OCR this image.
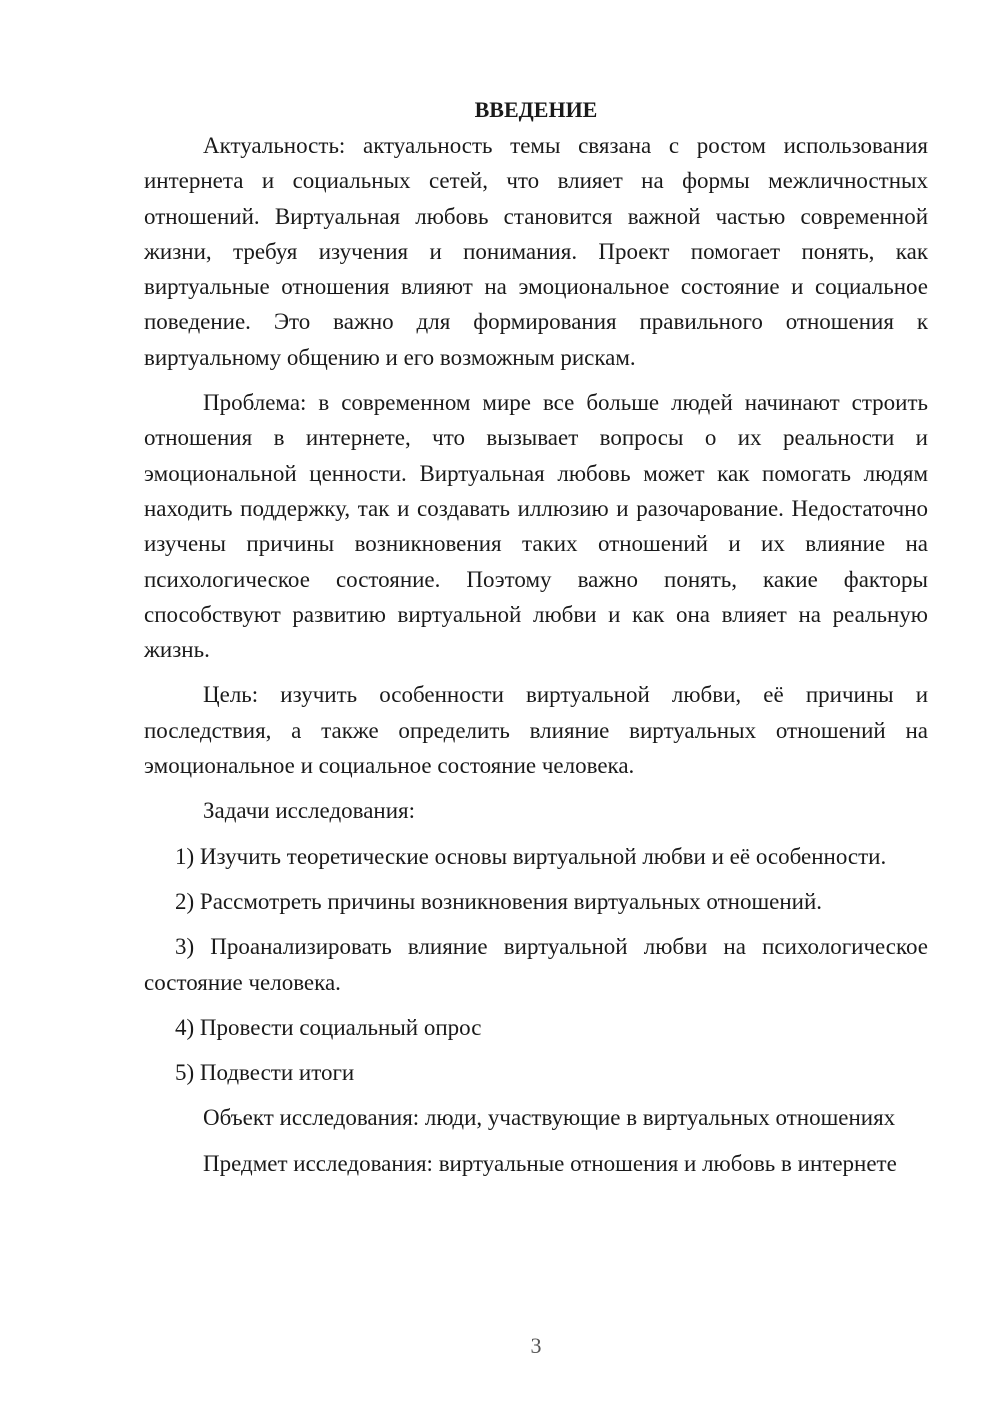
ВВЕДЕНИЕ

Актуальность: актуальность темы связана с ростом использования интернета и социальных сетей, что влияет на формы межличностных отношений. Виртуальная любовь становится важной частью современной жизни, требуя изучения и понимания. Проект помогает понять, как виртуальные отношения влияют на эмоциональное состояние и социальное поведение. Это важно для формирования правильного отношения к виртуальному общению и его возможным рискам.

Проблема: в современном мире все больше людей начинают строить отношения в интернете, что вызывает вопросы о их реальности и эмоциональной ценности. Виртуальная любовь может как помогать людям находить поддержку, так и создавать иллюзию и разочарование. Недостаточно изучены причины возникновения таких отношений и их влияние на психологическое состояние. Поэтому важно понять, какие факторы способствуют развитию виртуальной любви и как она влияет на реальную жизнь.

Цель: изучить особенности виртуальной любви, её причины и последствия, а также определить влияние виртуальных отношений на эмоциональное и социальное состояние человека.

Задачи исследования:

1) Изучить теоретические основы виртуальной любви и её особенности.

2) Рассмотреть причины возникновения виртуальных отношений.

3) Проанализировать влияние виртуальной любви на психологическое состояние человека.

4) Провести социальный опрос

5) Подвести итоги

Объект исследования: люди, участвующие в виртуальных отношениях

Предмет исследования: виртуальные отношения и любовь в интернете

3
